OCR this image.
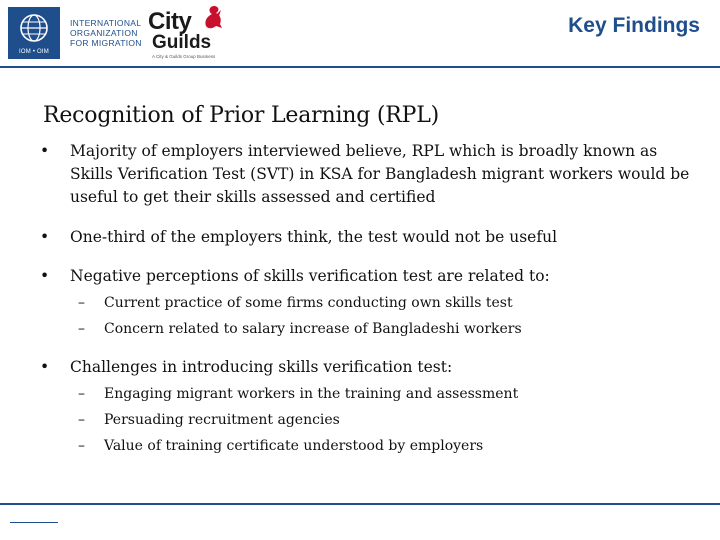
IOM • OIM
INTERNATIONAL
ORGANIZATION
FOR MIGRATION
City
Guilds
A City & Guilds Group Business
Key Findings
Recognition of Prior Learning (RPL)
• Majority of employers interviewed believe, RPL which is broadly known as Skills Verification Test (SVT) in KSA for Bangladesh migrant workers would be useful to get their skills assessed and certified
• One-third of the employers think, the test would not be useful
• Negative perceptions of skills verification test are related to:
– Current practice of some firms conducting own skills test
– Concern related to salary increase of Bangladeshi workers
• Challenges in introducing skills verification test:
– Engaging migrant workers in the training and assessment
– Persuading recruitment agencies
– Value of training certificate understood by employers
